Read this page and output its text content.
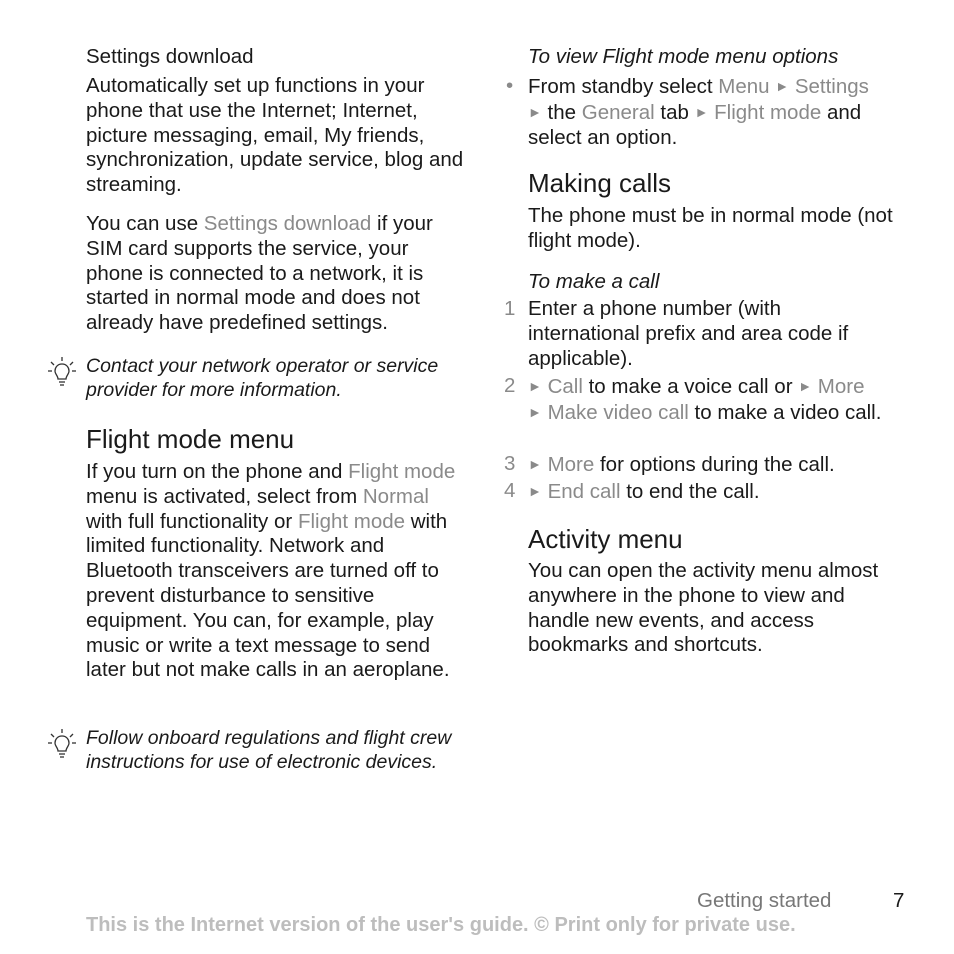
Settings download
Automatically set up functions in your phone that use the Internet; Internet, picture messaging, email, My friends, synchronization, update service, blog and streaming.
You can use Settings download if your SIM card supports the service, your phone is connected to a network, it is started in normal mode and does not already have predefined settings.
Contact your network operator or service provider for more information.
Flight mode menu
If you turn on the phone and Flight mode menu is activated, select from Normal with full functionality or Flight mode with limited functionality. Network and Bluetooth transceivers are turned off to prevent disturbance to sensitive equipment. You can, for example, play music or write a text message to send later but not make calls in an aeroplane.
Follow onboard regulations and flight crew instructions for use of electronic devices.
To view Flight mode menu options
• From standby select Menu ► Settings
► the General tab ► Flight mode and select an option.
Making calls
The phone must be in normal mode (not flight mode).
To make a call
1 Enter a phone number (with international prefix and area code if applicable).
2 ► Call to make a voice call or ► More
► Make video call to make a video call.
3 ► More for options during the call.
4 ► End call to end the call.
Activity menu
You can open the activity menu almost anywhere in the phone to view and handle new events, and access bookmarks and shortcuts.
Getting started	7
This is the Internet version of the user's guide. © Print only for private use.
